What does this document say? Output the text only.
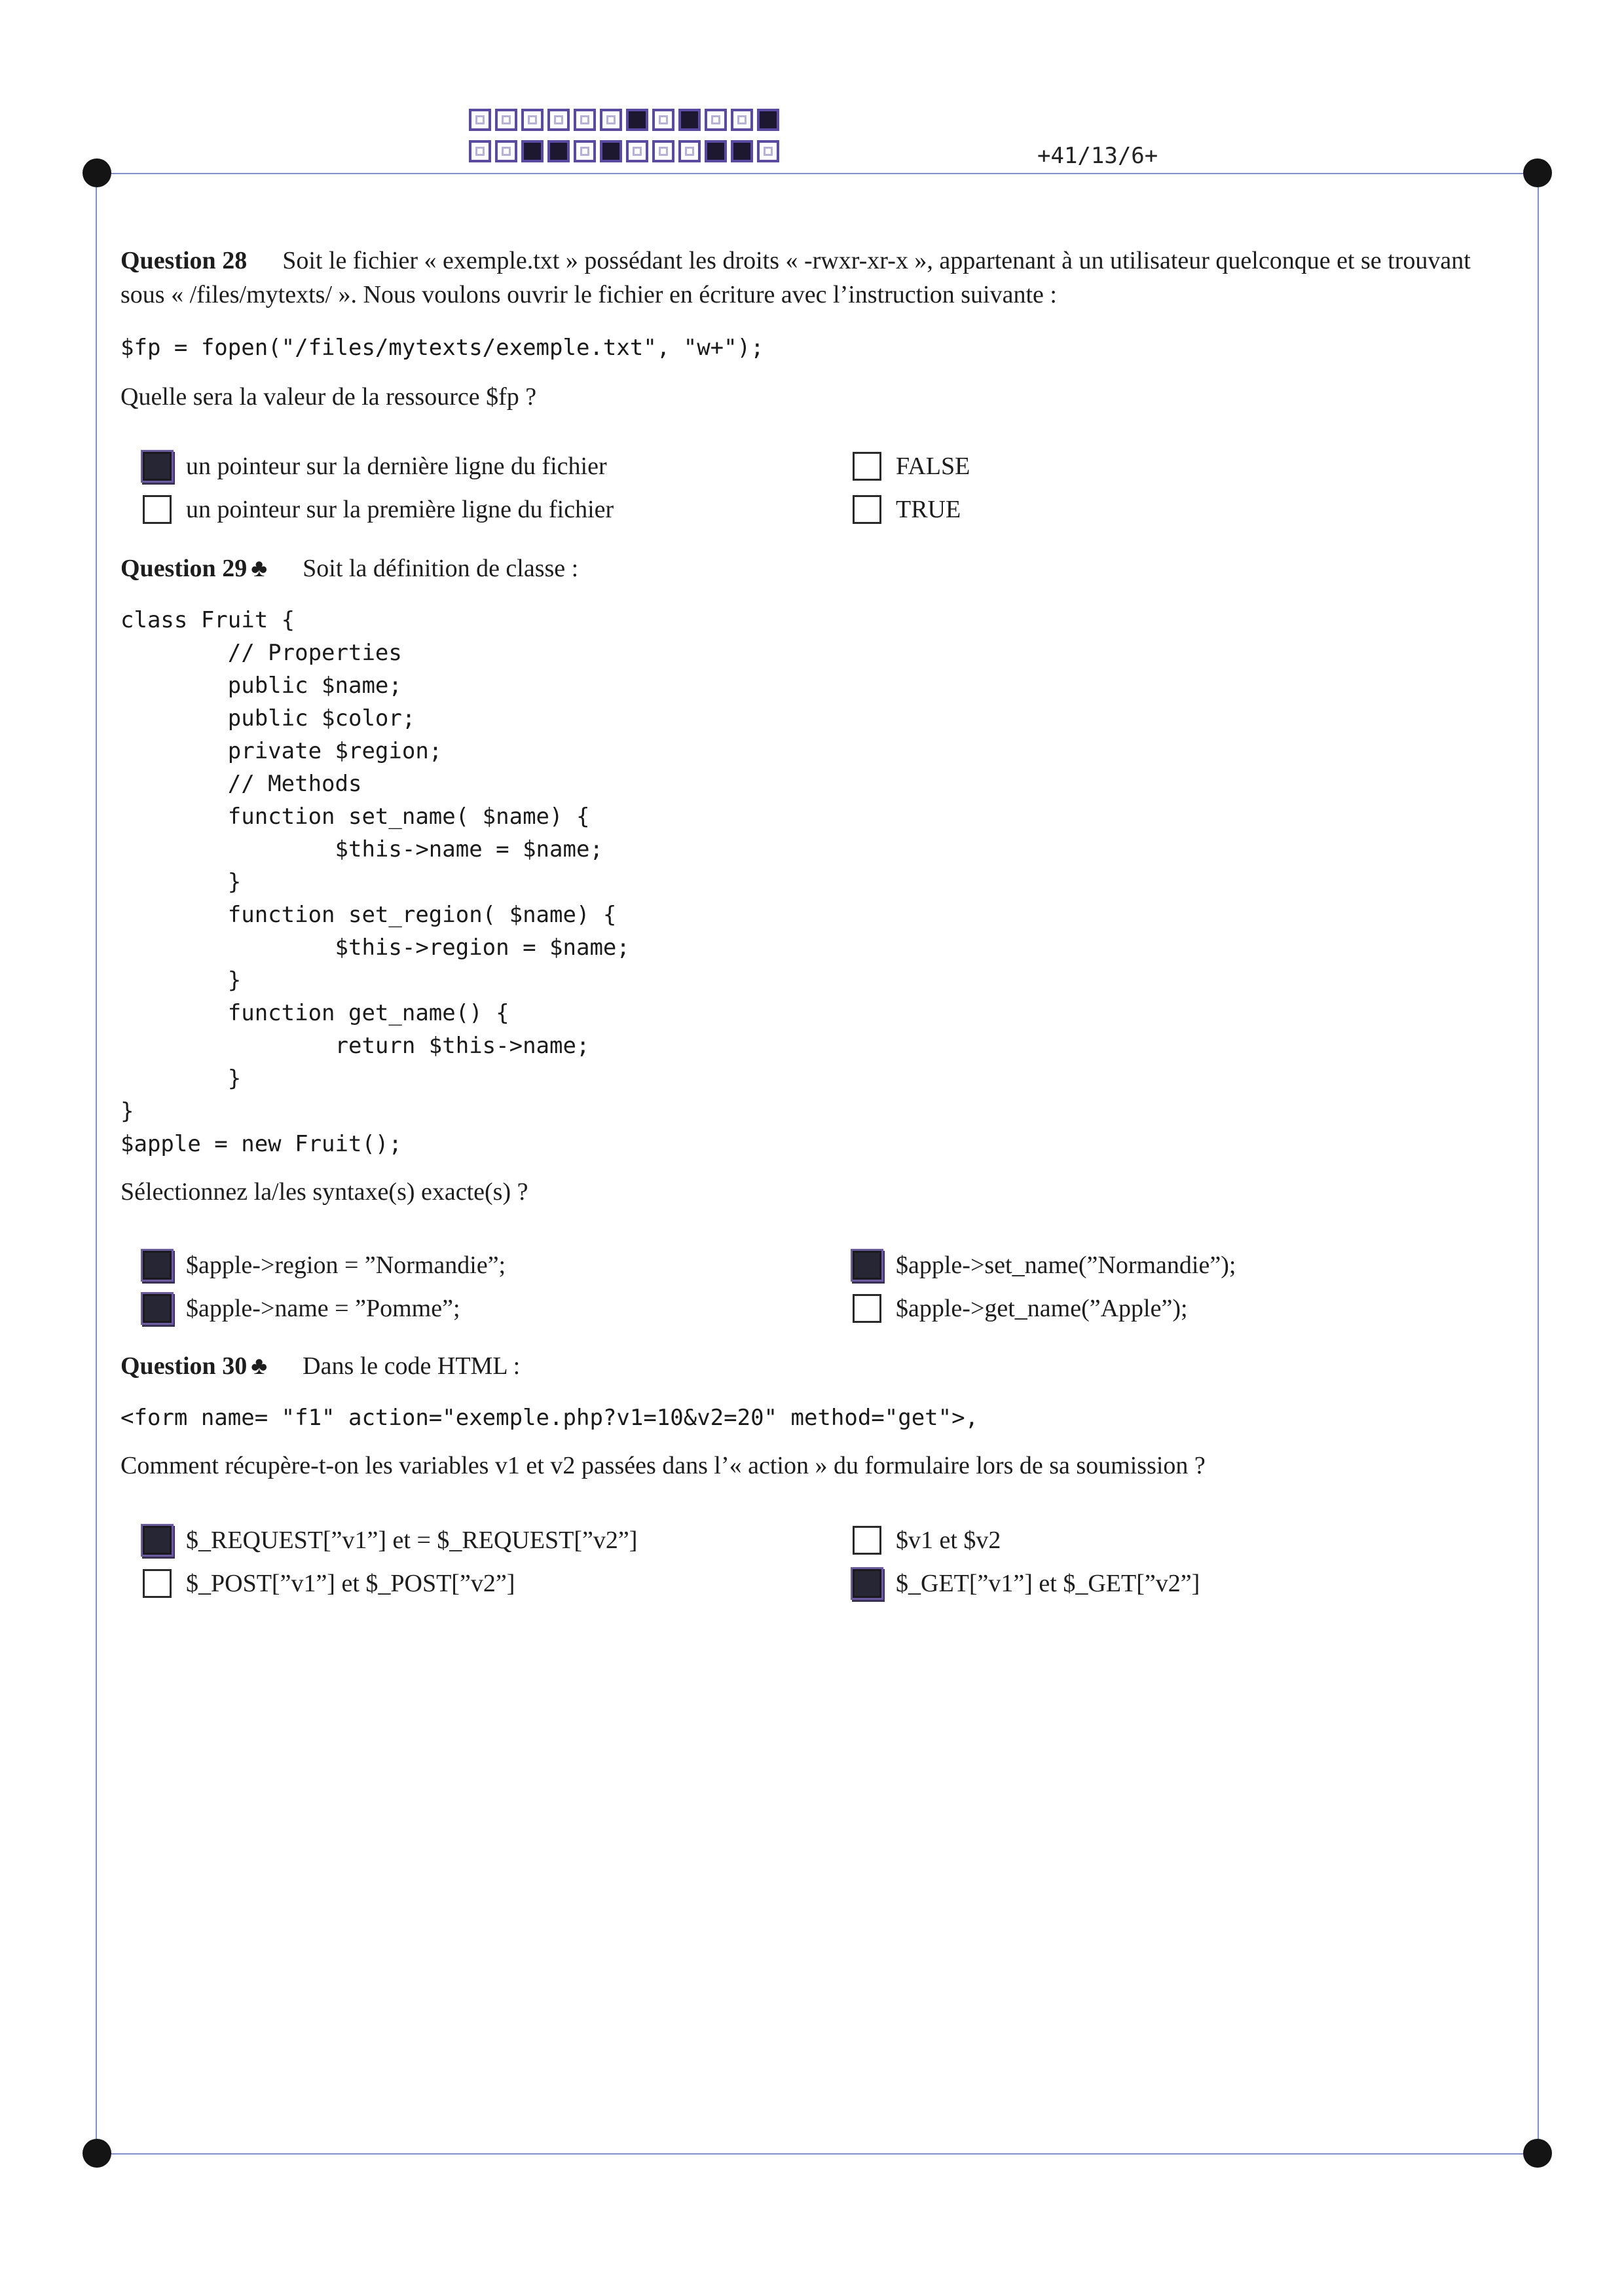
+41/13/6+
Question 28 Soit le fichier « exemple.txt » possédant les droits « -rwxr-xr-x », appartenant à un utilisateur quelconque et se trouvant sous « /files/mytexts/ ». Nous voulons ouvrir le fichier en écriture avec l’instruction suivante :
$fp = fopen("/files/mytexts/exemple.txt", "w+");
Quelle sera la valeur de la ressource $fp ?
un pointeur sur la dernière ligne du fichier
un pointeur sur la première ligne du fichier
FALSE
TRUE
Question 29 ♣ Soit la définition de classe :
class Fruit {
// Properties
public $name;
public $color;
private $region;
// Methods
function set_name( $name) {
$this->name = $name;
}
function set_region( $name) {
$this->region = $name;
}
function get_name() {
return $this->name;
}
}
$apple = new Fruit();
Sélectionnez la/les syntaxe(s) exacte(s) ?
$apple->region = ”Normandie”;
$apple->name = ”Pomme”;
$apple->set_name(”Normandie”);
$apple->get_name(”Apple”);
Question 30 ♣ Dans le code HTML :
<form name= "f1" action="exemple.php?v1=10&v2=20" method="get">,
Comment récupère-t-on les variables v1 et v2 passées dans l’« action » du formulaire lors de sa soumission ?
$_REQUEST[”v1”] et = $_REQUEST[”v2”]
$_POST[”v1”] et $_POST[”v2”]
$v1 et $v2
$_GET[”v1”] et $_GET[”v2”]
